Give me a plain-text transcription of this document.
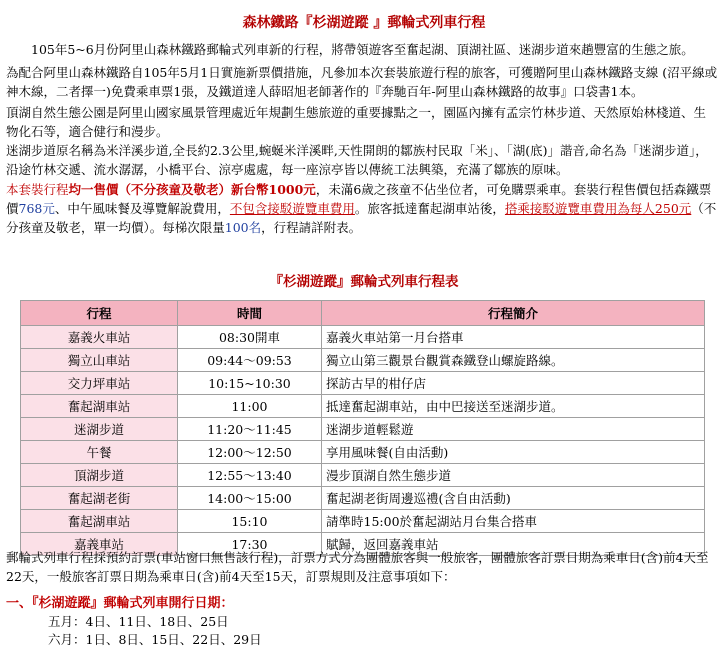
森林鐵路『杉湖遊蹤 』郵輪式列車行程
105年5~6月份阿里山森林鐵路郵輪式列車新的行程，將帶領遊客至奮起湖、頂湖社區、迷湖步道來趟豐富的生態之旅。
為配合阿里山森林鐵路自105年5月1日實施新票價措施，凡參加本次套裝旅遊行程的旅客，可獲贈阿里山森林鐵路支線 (沼平線或神木線，二者擇一)免費乘車票1張，及鐵道達人薛昭旭老師著作的『奔馳百年-阿里山森林鐵路的故事』口袋書1本。
頂湖自然生態公園是阿里山國家風景管理處近年規劃生態旅遊的重要據點之一，園區內擁有孟宗竹林步道、天然原始林棧道、生物化石等，適合健行和漫步。
迷湖步道原名稱為米洋溪步道,全長約2.3公里,蜿蜒米洋溪畔,天性開朗的鄒族村民取「米」、「湖(底)」諧音,命名為「迷湖步道」，沿途竹林交遞、流水潺潺，小橋平台、涼亭處處，每一座涼亭皆以傳統工法興築，充滿了鄒族的原味。
本套裝行程均一售價（不分孩童及敬老）新台幣1000元，未滿6歲之孩童不佔坐位者，可免購票乘車。套裝行程售價包括森鐵票價768元、中午風味餐及導覽解說費用，不包含接駁遊覽車費用。旅客抵達奮起湖車站後，搭乘接駁遊覽車費用為每人250元（不分孩童及敬老，單一均價）。每梯次限量100名，行程請詳附表。
『杉湖遊蹤』郵輪式列車行程表
行程	時間	行程簡介
嘉義火車站	08:30開車	嘉義火車站第一月台搭車
獨立山車站	09:44～09:53	獨立山第三觀景台觀賞森鐵登山螺旋路線。
交力坪車站	10:15~10:30	探訪古早的柑仔店
奮起湖車站	11:00	抵達奮起湖車站，由中巴接送至迷湖步道。
迷湖步道	11:20～11:45	迷湖步道輕鬆遊
午餐	12:00～12:50	享用風味餐(自由活動)
頂湖步道	12:55～13:40	漫步頂湖自然生態步道
奮起湖老街	14:00～15:00	奮起湖老街周邊巡禮(含自由活動)
奮起湖車站	15:10	請準時15:00於奮起湖站月台集合搭車
嘉義車站	17:30	賦歸，返回嘉義車站
郵輪式列車行程採預約訂票(車站窗口無售該行程)，訂票方式分為團體旅客與一般旅客，團體旅客訂票日期為乘車日(含)前4天至22天，一般旅客訂票日期為乘車日(含)前4天至15天，訂票規則及注意事項如下：
一、『杉湖遊蹤』郵輪式列車開行日期：
五月：4日、11日、18日、25日
六月：1日、8日、15日、22日、29日
